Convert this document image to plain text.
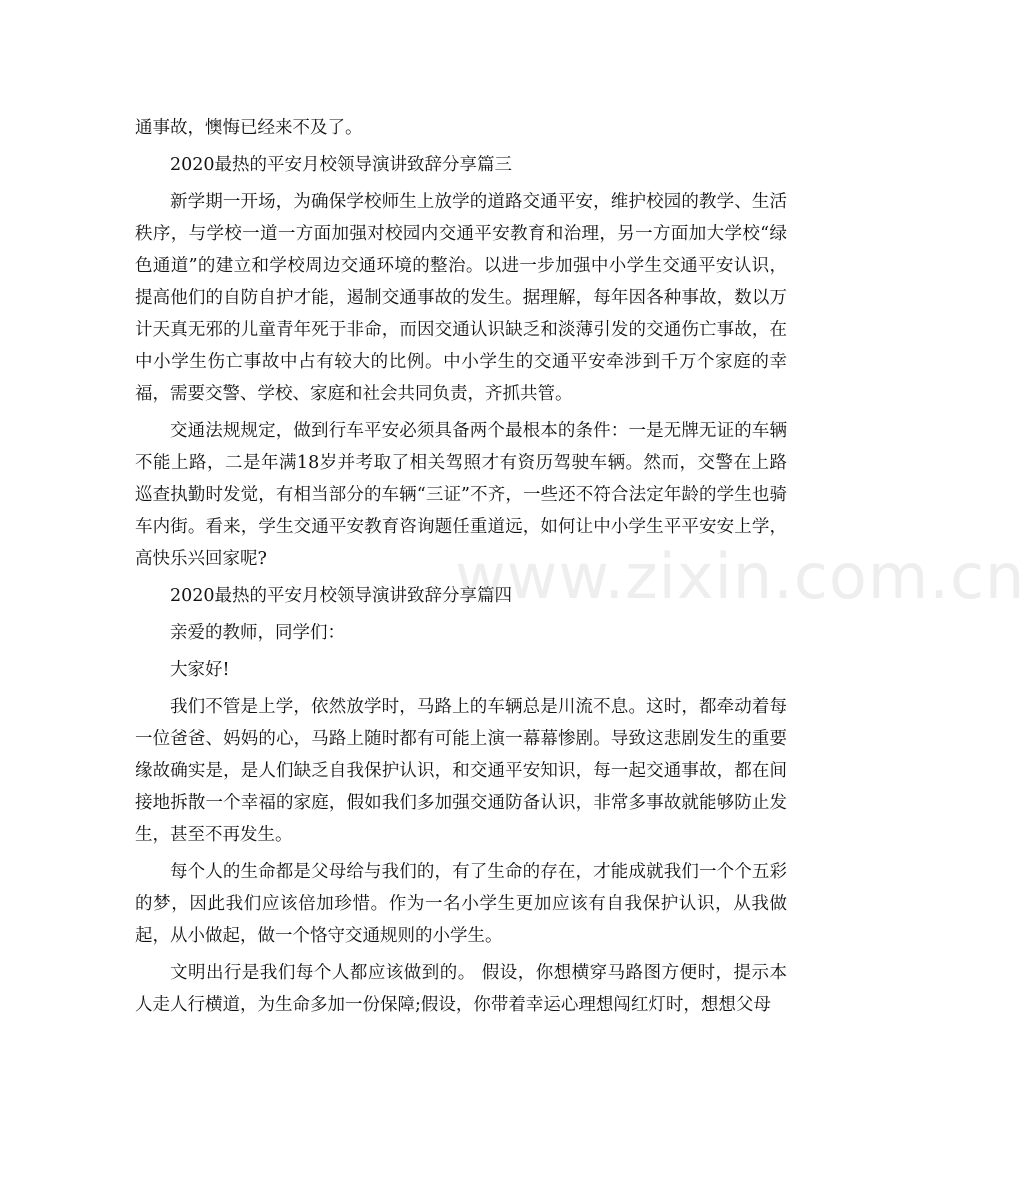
通事故，懊悔已经来不及了。

2020最热的平安月校领导演讲致辞分享篇三

新学期一开场，为确保学校师生上放学的道路交通平安，维护校园的教学、生活秩序，与学校一道一方面加强对校园内交通平安教育和治理，另一方面加大学校“绿色通道”的建立和学校周边交通环境的整治。以进一步加强中小学生交通平安认识，提高他们的自防自护才能，遏制交通事故的发生。据理解，每年因各种事故，数以万计天真无邪的儿童青年死于非命，而因交通认识缺乏和淡薄引发的交通伤亡事故，在中小学生伤亡事故中占有较大的比例。中小学生的交通平安牵涉到千万个家庭的幸福，需要交警、学校、家庭和社会共同负责，齐抓共管。

交通法规规定，做到行车平安必须具备两个最根本的条件：一是无牌无证的车辆不能上路，二是年满18岁并考取了相关驾照才有资历驾驶车辆。然而，交警在上路巡查执勤时发觉，有相当部分的车辆“三证”不齐，一些还不符合法定年龄的学生也骑车内街。看来，学生交通平安教育咨询题任重道远，如何让中小学生平平安安上学，高快乐兴回家呢?

2020最热的平安月校领导演讲致辞分享篇四

亲爱的教师，同学们：

大家好!

我们不管是上学，依然放学时，马路上的车辆总是川流不息。这时，都牵动着每一位爸爸、妈妈的心，马路上随时都有可能上演一幕幕惨剧。导致这悲剧发生的重要缘故确实是，是人们缺乏自我保护认识，和交通平安知识，每一起交通事故，都在间接地拆散一个幸福的家庭，假如我们多加强交通防备认识，非常多事故就能够防止发生，甚至不再发生。

每个人的生命都是父母给与我们的，有了生命的存在，才能成就我们一个个五彩的梦，因此我们应该倍加珍惜。作为一名小学生更加应该有自我保护认识，从我做起，从小做起，做一个恪守交通规则的小学生。

文明出行是我们每个人都应该做到的。 假设，你想横穿马路图方便时，提示本人走人行横道，为生命多加一份保障;假设，你带着幸运心理想闯红灯时，想想父母

www.zixin.com.cn
